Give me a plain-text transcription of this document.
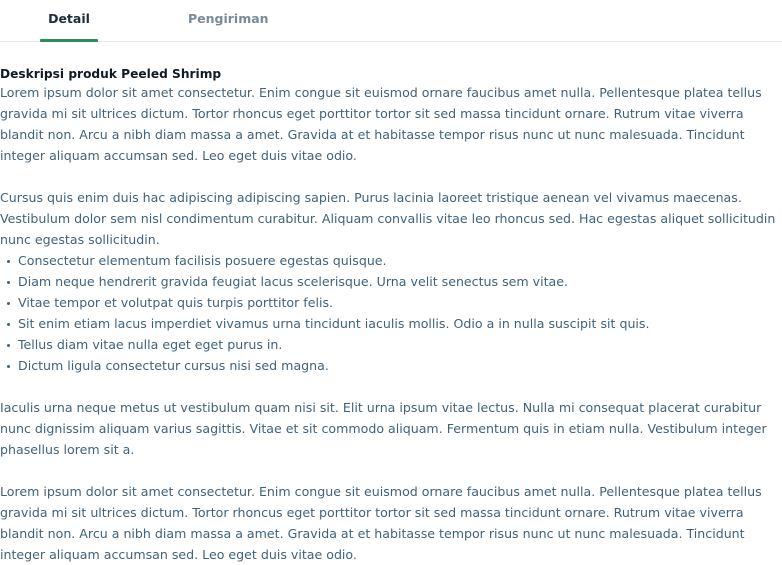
Detail	Pengiriman
Deskripsi produk Peeled Shrimp

Lorem ipsum dolor sit amet consectetur. Enim congue sit euismod ornare faucibus amet nulla. Pellentesque platea tellus gravida mi sit ultrices dictum. Tortor rhoncus eget porttitor tortor sit sed massa tincidunt ornare. Rutrum vitae viverra blandit non. Arcu a nibh diam massa a amet. Gravida at et habitasse tempor risus nunc ut nunc malesuada. Tincidunt integer aliquam accumsan sed. Leo eget duis vitae odio.

Cursus quis enim duis hac adipiscing adipiscing sapien. Purus lacinia laoreet tristique aenean vel vivamus maecenas. Vestibulum dolor sem nisl condimentum curabitur. Aliquam convallis vitae leo rhoncus sed. Hac egestas aliquet sollicitudin nunc egestas sollicitudin.

Consectetur elementum facilisis posuere egestas quisque.
Diam neque hendrerit gravida feugiat lacus scelerisque. Urna velit senectus sem vitae.
Vitae tempor et volutpat quis turpis porttitor felis.
Sit enim etiam lacus imperdiet vivamus urna tincidunt iaculis mollis. Odio a in nulla suscipit sit quis.
Tellus diam vitae nulla eget eget purus in.
Dictum ligula consectetur cursus nisi sed magna.

Iaculis urna neque metus ut vestibulum quam nisi sit. Elit urna ipsum vitae lectus. Nulla mi consequat placerat curabitur nunc dignissim aliquam varius sagittis. Vitae et sit commodo aliquam. Fermentum quis in etiam nulla. Vestibulum integer phasellus lorem sit a.

Lorem ipsum dolor sit amet consectetur. Enim congue sit euismod ornare faucibus amet nulla. Pellentesque platea tellus gravida mi sit ultrices dictum. Tortor rhoncus eget porttitor tortor sit sed massa tincidunt ornare. Rutrum vitae viverra blandit non. Arcu a nibh diam massa a amet. Gravida at et habitasse tempor risus nunc ut nunc malesuada. Tincidunt integer aliquam accumsan sed. Leo eget duis vitae odio.
